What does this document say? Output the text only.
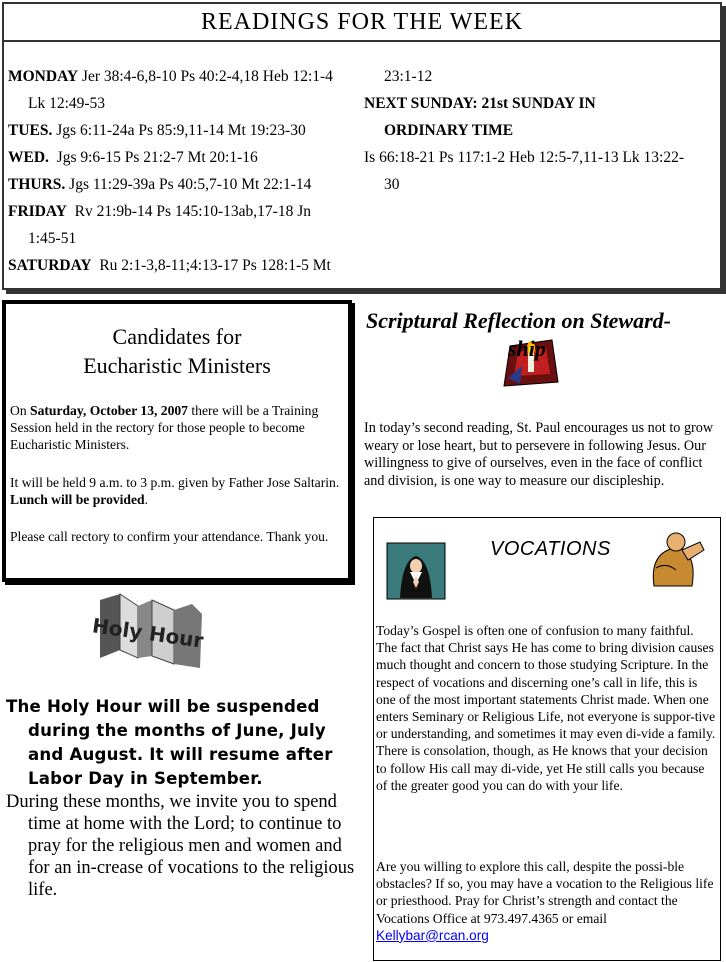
READINGS FOR THE WEEK
MONDAY Jer 38:4-6,8-10 Ps 40:2-4,18 Heb 12:1-4
Lk 12:49-53
TUES. Jgs 6:11-24a Ps 85:9,11-14 Mt 19:23-30
WED.  Jgs 9:6-15 Ps 21:2-7 Mt 20:1-16
THURS. Jgs 11:29-39a Ps 40:5,7-10 Mt 22:1-14
FRIDAY  Rv 21:9b-14 Ps 145:10-13ab,17-18 Jn
1:45-51
SATURDAY  Ru 2:1-3,8-11;4:13-17 Ps 128:1-5 Mt
23:1-12
NEXT SUNDAY: 21st SUNDAY IN
ORDINARY TIME
Is 66:18-21 Ps 117:1-2 Heb 12:5-7,11-13 Lk 13:22-
30
Candidates for
Eucharistic Ministers
On Saturday, October 13, 2007 there will be a Training Session held in the rectory for those people to become Eucharistic Ministers.
It will be held 9 a.m. to 3 p.m. given by Father Jose Saltarin. Lunch will be provided.
Please call rectory to confirm your attendance. Thank you.
Scriptural Reflection on Steward-
ship
In today’s second reading, St. Paul encourages us not to grow weary or lose heart, but to persevere in following Jesus. Our willingness to give of ourselves, even in the face of conflict and division, is one way to measure our discipleship.
Holy Hour

The Holy Hour will be suspended during the months of June, July and August. It will resume after Labor Day in September.

During these months, we invite you to spend time at home with the Lord; to continue to pray for the religious men and women and for an in-crease of vocations to the religious life.

VOCATIONS
Today’s Gospel is often one of confusion to many faithful. The fact that Christ says He has come to bring division causes much thought and concern to those studying Scripture. In the respect of vocations and discerning one’s call in life, this is one of the most important statements Christ made. When one enters Seminary or Religious Life, not everyone is suppor-tive or understanding, and sometimes it may even di-vide a family. There is consolation, though, as He knows that your decision to follow His call may di-vide, yet He still calls you because of the greater good you can do with your life.
Are you willing to explore this call, despite the possi-ble obstacles? If so, you may have a vocation to the Religious life or priesthood. Pray for Christ’s strength and contact the Vocations Office at 973.497.4365 or email Kellybar@rcan.org
